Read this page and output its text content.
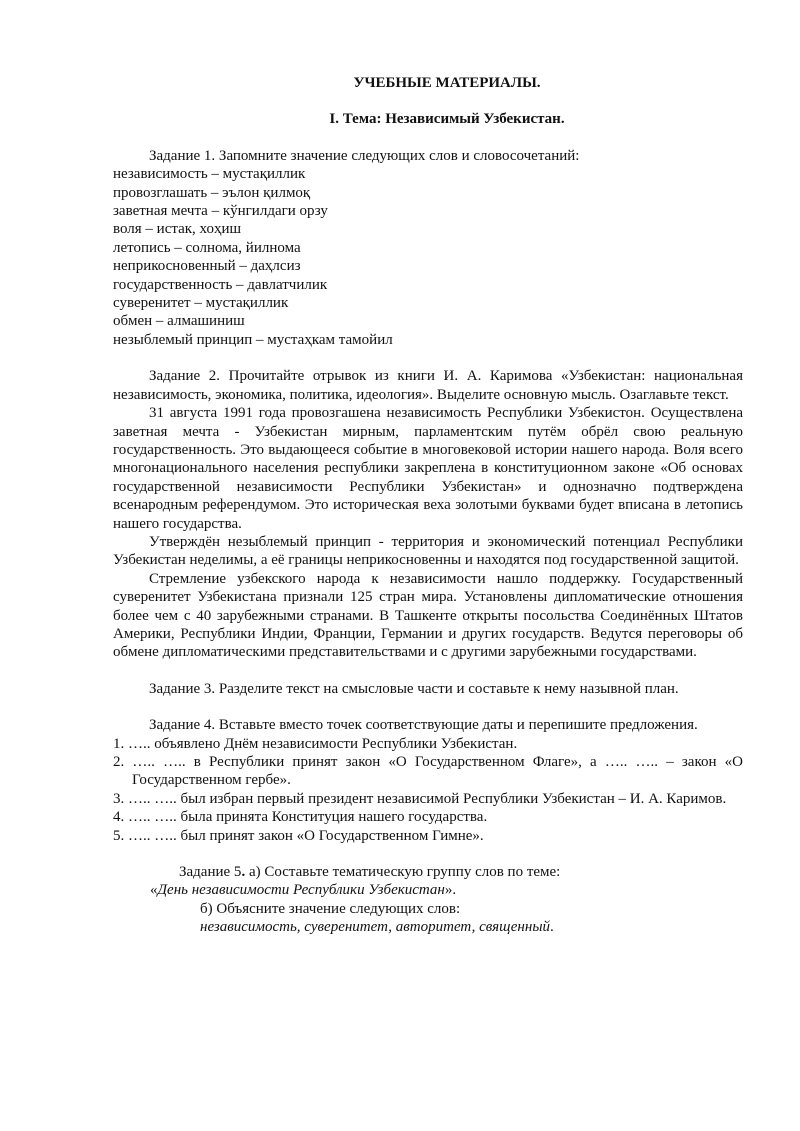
УЧЕБНЫЕ МАТЕРИАЛЫ.

I. Тема: Независимый Узбекистан.

Задание 1. Запомните значение следующих слов и словосочетаний:

независимость – мустақиллик

провозглашать – эълон қилмоқ

заветная мечта – кўнгилдаги орзу

воля – истак, хоҳиш

летопись – солнома, йилнома

неприкосновенный – даҳлсиз

государственность – давлатчилик

суверенитет – мустақиллик

обмен – алмашиниш

незыблемый принцип – мустаҳкам тамойил

Задание 2. Прочитайте отрывок из книги И. А. Каримова «Узбекистан: национальная независимость, экономика, политика, идеология». Выделите основную мысль. Озаглавьте текст.

31 августа 1991 года провозгашена независимость Республики Узбекистон. Осуществлена заветная мечта - Узбекистан мирным, парламентским путём обрёл свою реальную государственность. Это выдающееся событие в многовековой истории нашего народа. Воля всего многонационального населения республики закреплена в конституционном законе «Об основах государственной независимости Республики Узбекистан» и однозначно подтверждена всенародным референдумом. Это историческая веха золотыми буквами будет вписана в летопись нашего государства.

Утверждён незыблемый принцип - территория и экономический потенциал Республики Узбекистан неделимы, а её границы неприкосновенны и находятся под государственной защитой.

Стремление узбекского народа к независимости нашло поддержку. Государственный суверенитет Узбекистана признали 125 стран мира. Установлены дипломатические отношения более чем с 40 зарубежными странами. В Ташкенте открыты посольства Соединённых Штатов Америки, Республики Индии, Франции, Германии и других государств. Ведутся переговоры об обмене дипломатическими представительствами и с другими зарубежными государствами.

Задание 3. Разделите текст на смысловые части и составьте к нему назывной план.

Задание 4. Вставьте вместо точек соответствующие даты и перепишите предложения.

1. ….. объявлено Днём независимости Республики Узбекистан.
2. ….. ….. в Республики принят закон «О Государственном Флаге», а ….. ….. – закон «О Государственном гербе».
3. ….. ….. был избран первый президент независимой Республики Узбекистан – И. А. Каримов.
4. ….. ….. была принята Конституция нашего государства.
5. ….. ….. был принят закон «О Государственном Гимне».

Задание 5. а) Составьте тематическую группу слов по теме:

«День независимости Республики Узбекистан».

б) Объясните значение следующих слов:

независимость, суверенитет, авторитет, священный.
